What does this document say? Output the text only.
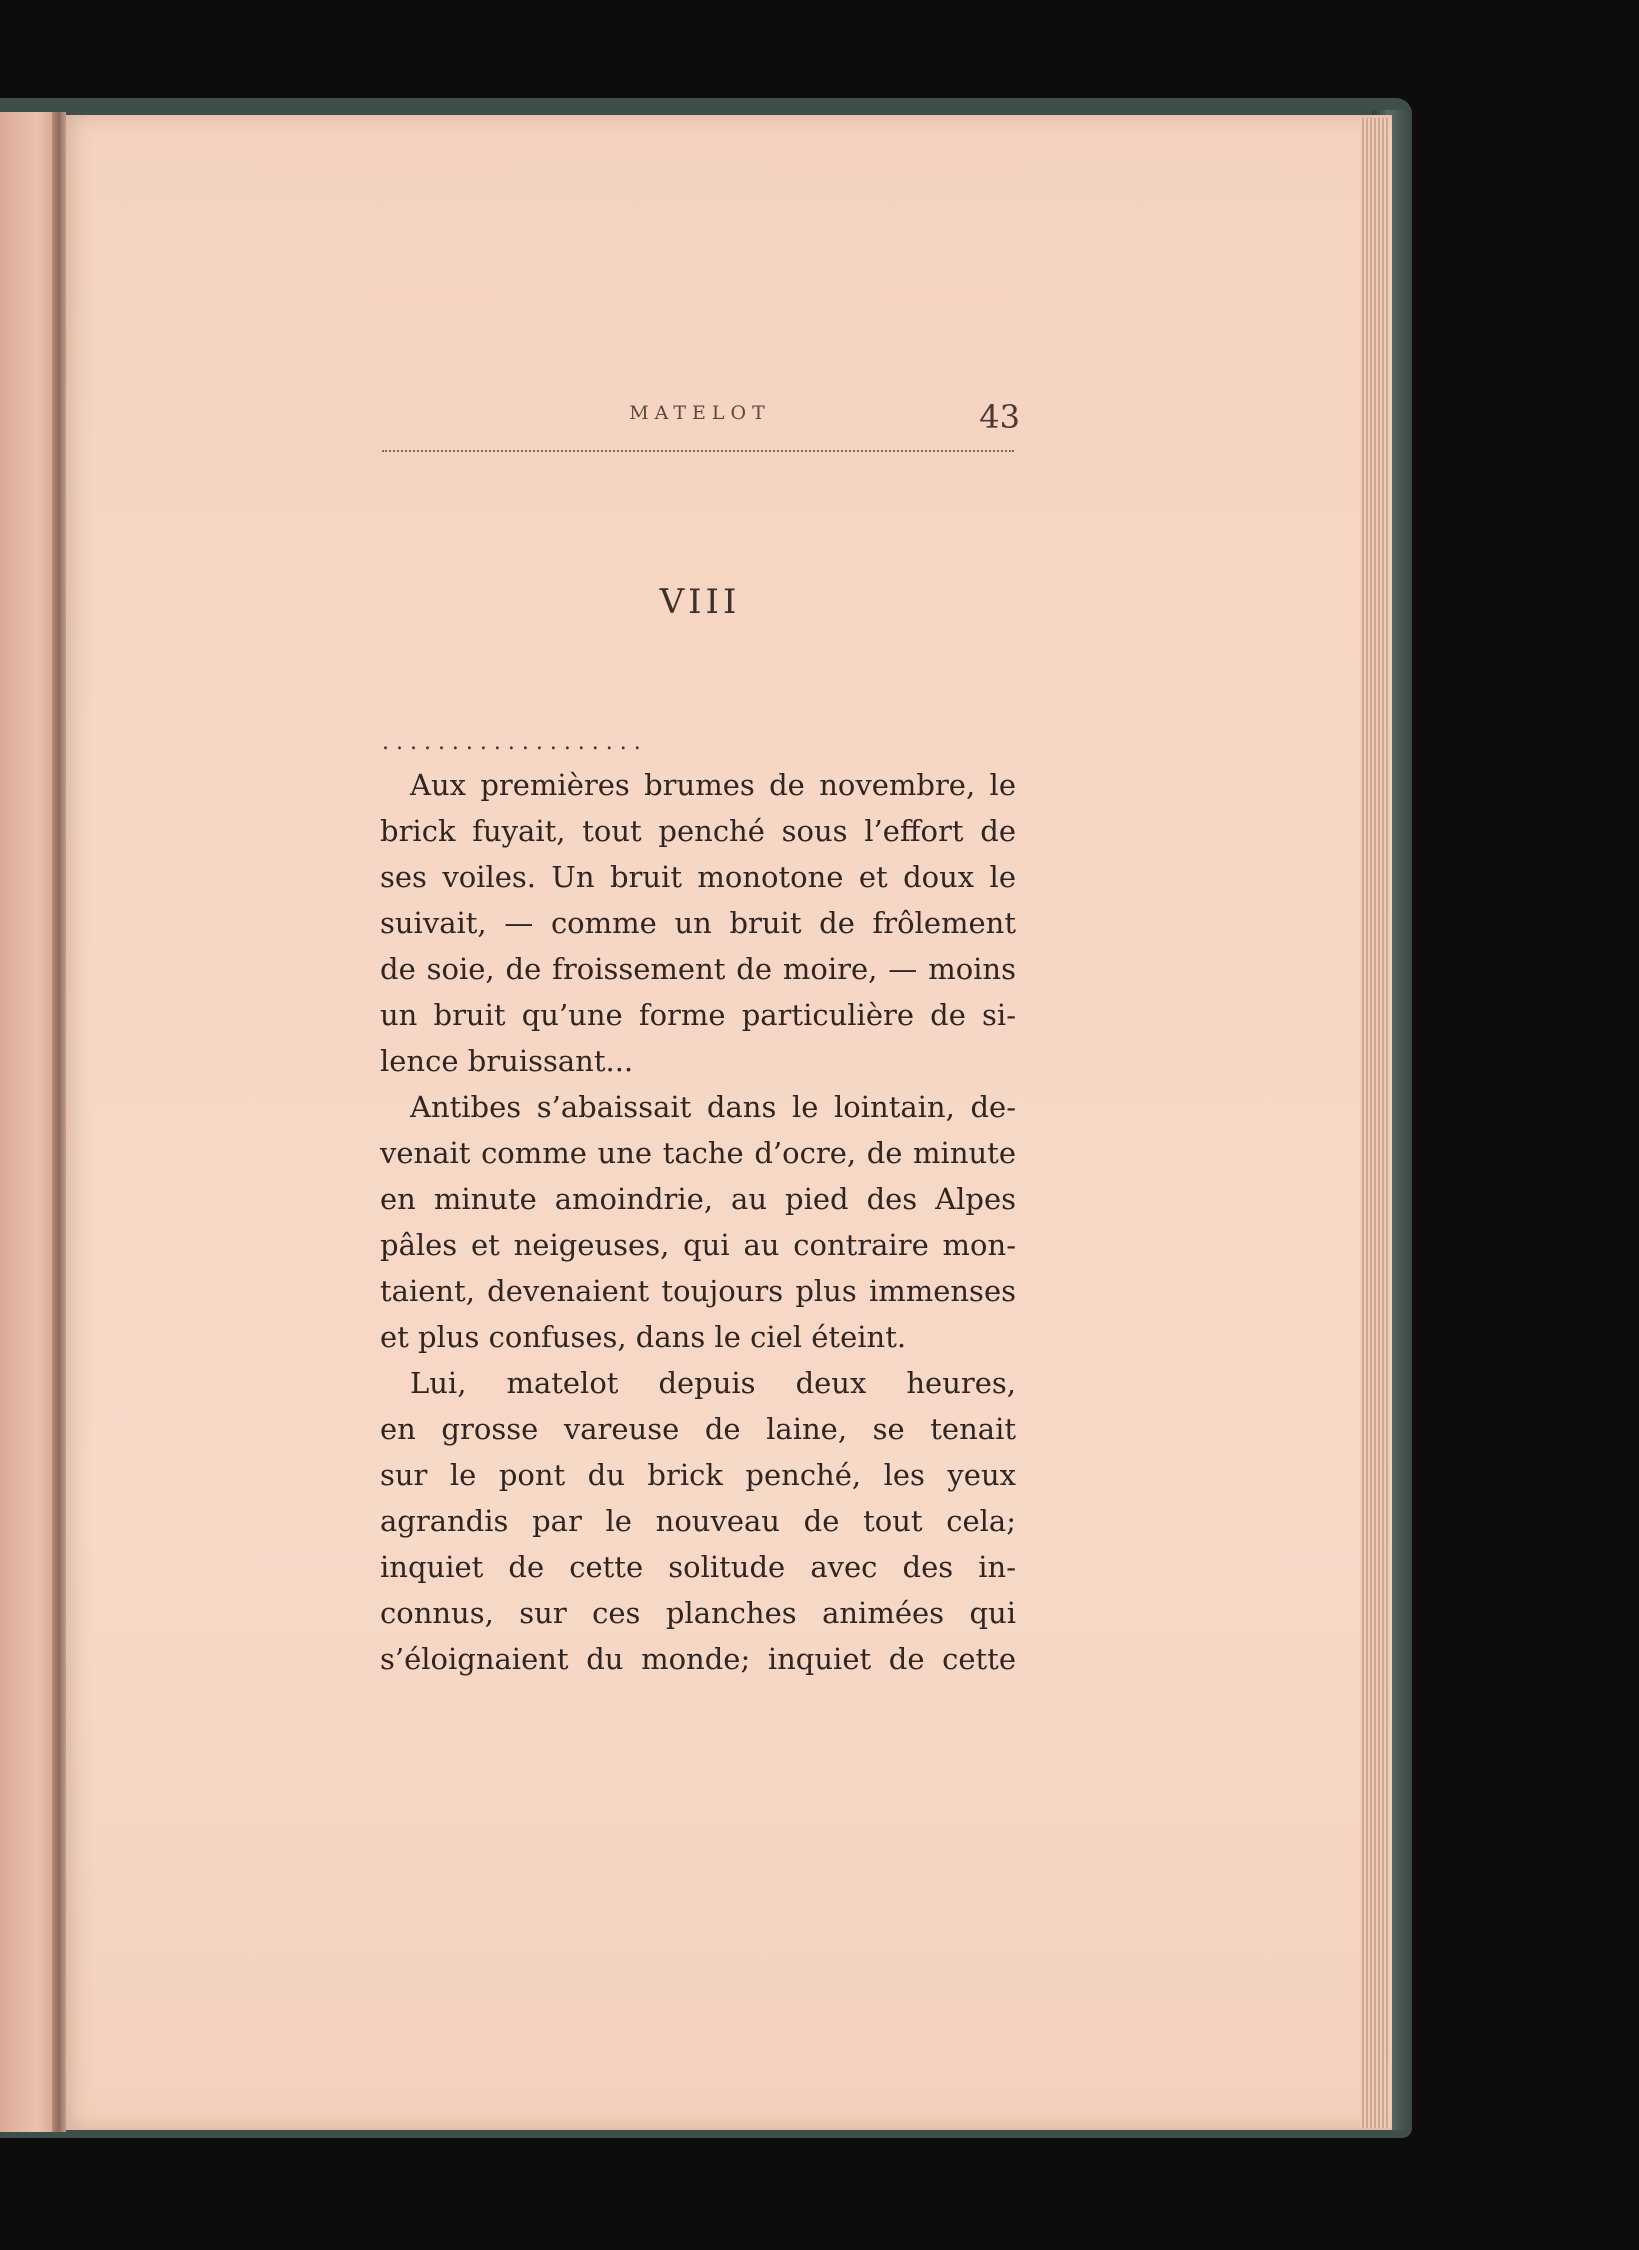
MATELOT	43
VIII
. . . . . . . . . . . . . . . . . . .
Aux premières brumes de novembre, le
brick fuyait, tout penché sous l’effort de
ses voiles. Un bruit monotone et doux le
suivait, — comme un bruit de frôlement
de soie, de froissement de moire, — moins
un bruit qu’une forme particulière de si-
lence bruissant...
Antibes s’abaissait dans le lointain, de-
venait comme une tache d’ocre, de minute
en minute amoindrie, au pied des Alpes
pâles et neigeuses, qui au contraire mon-
taient, devenaient toujours plus immenses
et plus confuses, dans le ciel éteint.
Lui, matelot depuis deux heures,
en grosse vareuse de laine, se tenait
sur le pont du brick penché, les yeux
agrandis par le nouveau de tout cela;
inquiet de cette solitude avec des in-
connus, sur ces planches animées qui
s’éloignaient du monde; inquiet de cette
